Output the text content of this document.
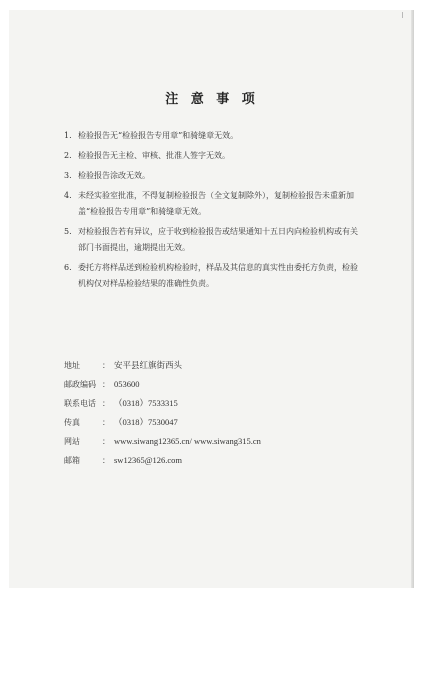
注 意 事 项
1. 检验报告无“检验报告专用章”和骑缝章无效。
2. 检验报告无主检、审核、批准人签字无效。
3. 检验报告涂改无效。
4. 未经实验室批准，不得复制检验报告（全文复制除外），复制检验报告未重新加盖“检验报告专用章”和骑缝章无效。
5. 对检验报告若有异议，应于收到检验报告或结果通知十五日内向检验机构或有关部门书面提出，逾期提出无效。
6. 委托方将样品送到检验机构检验时，样品及其信息的真实性由委托方负责，检验机构仅对样品检验结果的准确性负责。
地址	： 安平县红旗街西头
邮政编码 ： 053600
联系电话 ： （0318）7533315
传真	： （0318）7530047
网站	： www.siwang12365.cn/ www.siwang315.cn
邮箱	： sw12365@126.com
